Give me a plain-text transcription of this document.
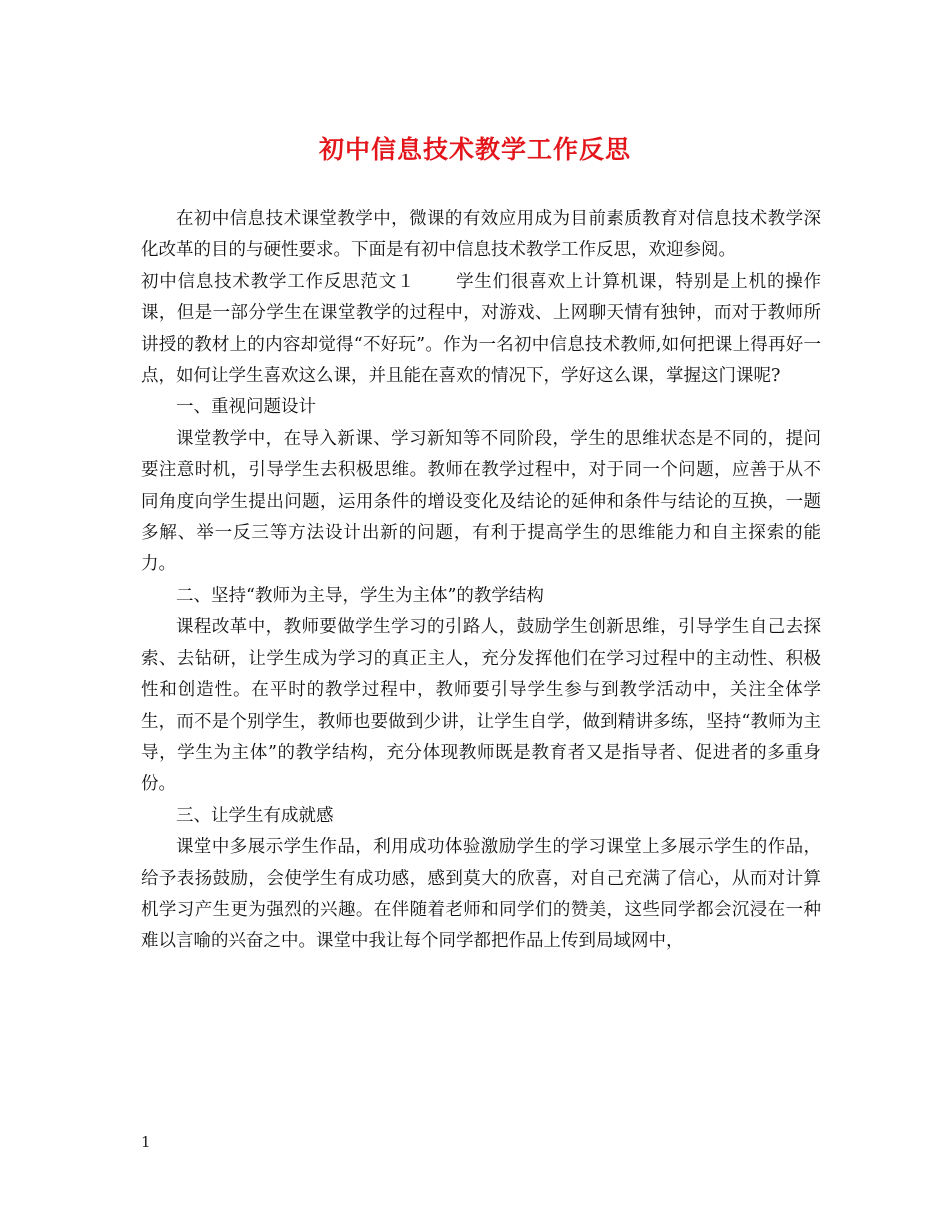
初中信息技术教学工作反思

在初中信息技术课堂教学中，微课的有效应用成为目前素质教育对信息技术教学深化改革的目的与硬性要求。下面是有初中信息技术教学工作反思，欢迎参阅。

初中信息技术教学工作反思范文１ 学生们很喜欢上计算机课，特别是上机的操作课，但是一部分学生在课堂教学的过程中，对游戏、上网聊天情有独钟，而对于教师所讲授的教材上的内容却觉得“不好玩”。作为一名初中信息技术教师,如何把课上得再好一点，如何让学生喜欢这么课，并且能在喜欢的情况下，学好这么课，掌握这门课呢?

一、重视问题设计

课堂教学中，在导入新课、学习新知等不同阶段，学生的思维状态是不同的，提问要注意时机，引导学生去积极思维。教师在教学过程中，对于同一个问题，应善于从不同角度向学生提出问题，运用条件的增设变化及结论的延伸和条件与结论的互换，一题多解、举一反三等方法设计出新的问题，有利于提高学生的思维能力和自主探索的能力。

二、坚持“教师为主导，学生为主体”的教学结构

课程改革中，教师要做学生学习的引路人，鼓励学生创新思维，引导学生自己去探索、去钻研，让学生成为学习的真正主人，充分发挥他们在学习过程中的主动性、积极性和创造性。在平时的教学过程中，教师要引导学生参与到教学活动中，关注全体学生，而不是个别学生，教师也要做到少讲，让学生自学，做到精讲多练，坚持“教师为主导，学生为主体”的教学结构，充分体现教师既是教育者又是指导者、促进者的多重身份。

三、让学生有成就感

课堂中多展示学生作品，利用成功体验激励学生的学习课堂上多展示学生的作品，给予表扬鼓励，会使学生有成功感，感到莫大的欣喜，对自己充满了信心，从而对计算机学习产生更为强烈的兴趣。在伴随着老师和同学们的赞美，这些同学都会沉浸在一种难以言喻的兴奋之中。课堂中我让每个同学都把作品上传到局域网中，

1
